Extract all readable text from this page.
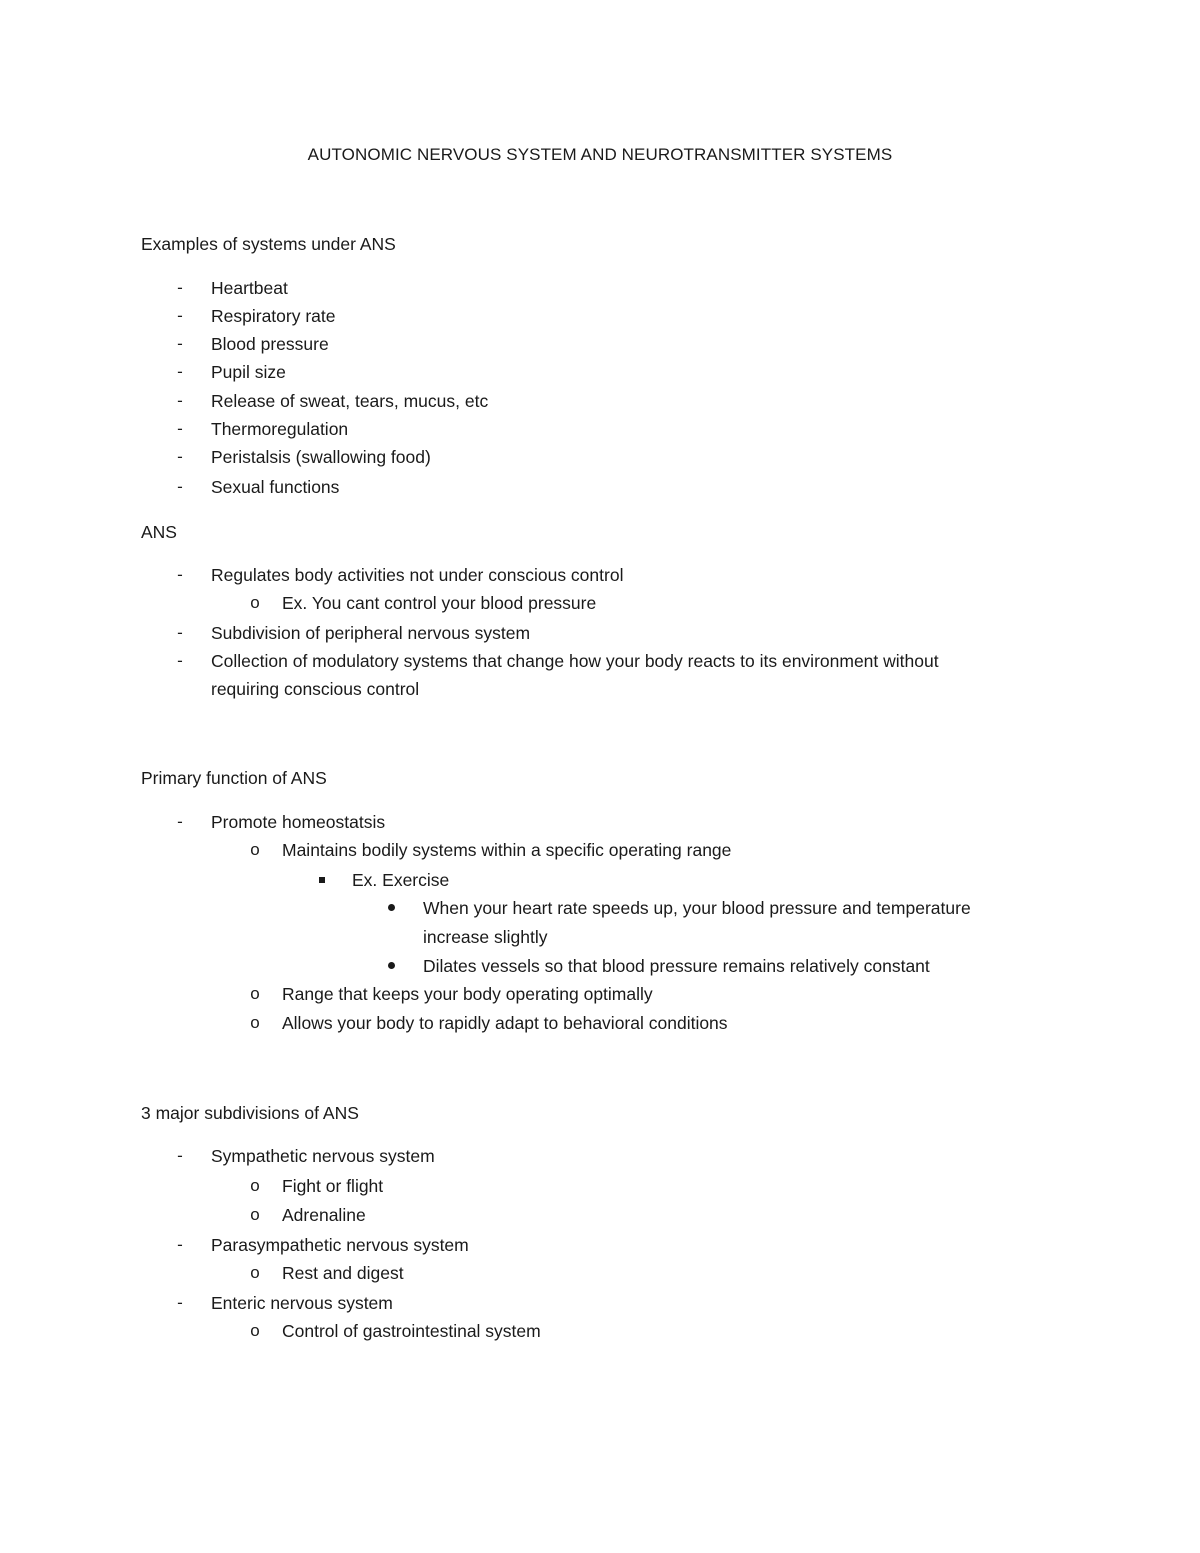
AUTONOMIC NERVOUS SYSTEM AND NEUROTRANSMITTER SYSTEMS
Examples of systems under ANS
-	Heartbeat
-	Respiratory rate
-	Blood pressure
-	Pupil size
-	Release of sweat, tears, mucus, etc
-	Thermoregulation
-	Peristalsis (swallowing food)
-	Sexual functions
ANS
-	Regulates body activities not under conscious control
o	Ex. You cant control your blood pressure
-	Subdivision of peripheral nervous system
-	Collection of modulatory systems that change how your body reacts to its environment without
requiring conscious control
Primary function of ANS
-	Promote homeostatsis
o	Maintains bodily systems within a specific operating range
Ex. Exercise
When your heart rate speeds up, your blood pressure and temperature
increase slightly
Dilates vessels so that blood pressure remains relatively constant
o	Range that keeps your body operating optimally
o	Allows your body to rapidly adapt to behavioral conditions
3 major subdivisions of ANS
-	Sympathetic nervous system
o	Fight or flight
o	Adrenaline
-	Parasympathetic nervous system
o	Rest and digest
-	Enteric nervous system
o	Control of gastrointestinal system
